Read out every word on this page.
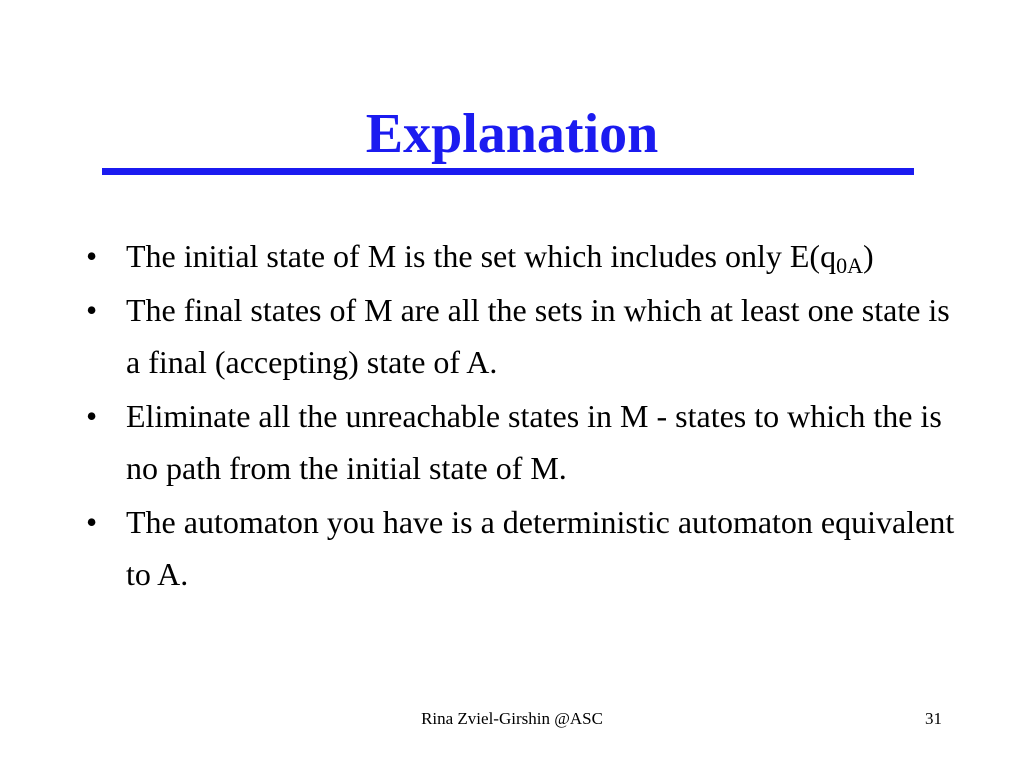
Explanation
• The initial state of M is the set which includes only $E(q_{0A})$
• The final states of M are all the sets in which at least one state is a final (accepting) state of A.
• Eliminate all the unreachable states in M - states to which the is no path from the initial state of M.
• The automaton you have is a deterministic automaton equivalent to A.
Rina Zviel-Girshin @ASC	31
